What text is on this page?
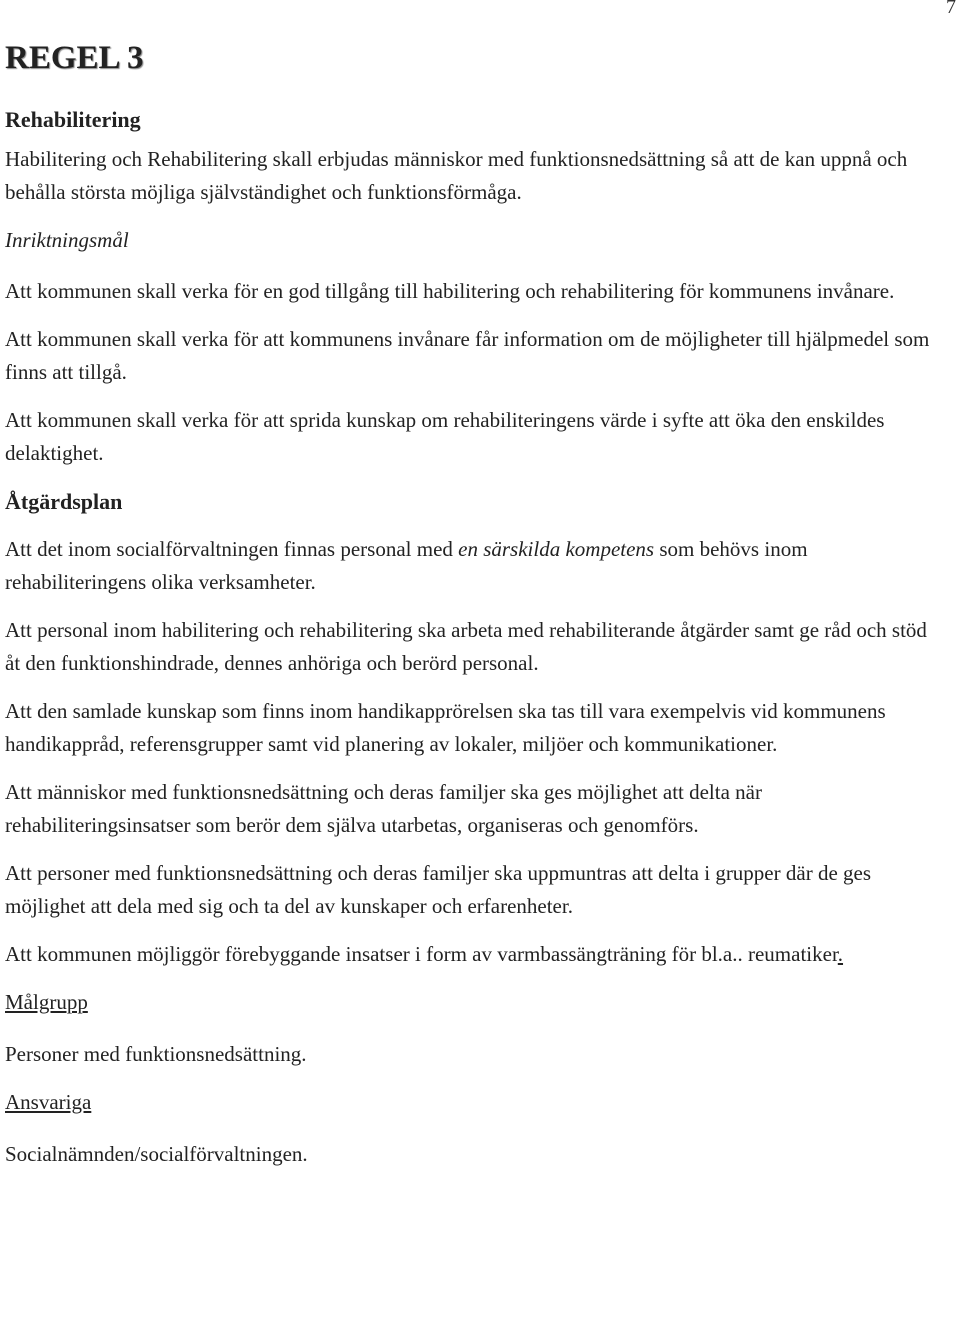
7
REGEL 3
Rehabilitering

Habilitering och Rehabilitering skall erbjudas människor med funktionsnedsättning så att de kan uppnå och behålla största möjliga självständighet och funktionsförmåga.

Inriktningsmål

Att kommunen skall verka för en god tillgång till habilitering och rehabilitering för kommunens invånare.

Att kommunen skall verka för att kommunens invånare får information om de möjligheter till hjälpmedel som finns att tillgå.

Att kommunen skall verka för att sprida kunskap om rehabiliteringens värde i syfte att öka den enskildes delaktighet.

Åtgärdsplan

Att det inom socialförvaltningen finnas personal med en särskilda kompetens som behövs inom rehabiliteringens olika verksamheter.

Att personal inom habilitering och rehabilitering ska arbeta med rehabiliterande åtgärder samt ge råd och stöd åt den funktionshindrade, dennes anhöriga och berörd personal.

Att den samlade kunskap som finns inom handikapprörelsen ska tas till vara exempelvis vid kommunens handikappråd, referensgrupper samt vid planering av lokaler, miljöer och kommunikationer.

Att människor med funktionsnedsättning och deras familjer ska ges möjlighet att delta när rehabiliteringsinsatser som berör dem själva utarbetas, organiseras och genomförs.

Att personer med funktionsnedsättning och deras familjer ska uppmuntras att delta i grupper där de ges möjlighet att dela med sig och ta del av kunskaper och erfarenheter.

Att kommunen möjliggör förebyggande insatser i form av varmbassängträning för bl.a.. reumatiker.

Målgrupp

Personer med funktionsnedsättning.

Ansvariga

Socialnämnden/socialförvaltningen.
